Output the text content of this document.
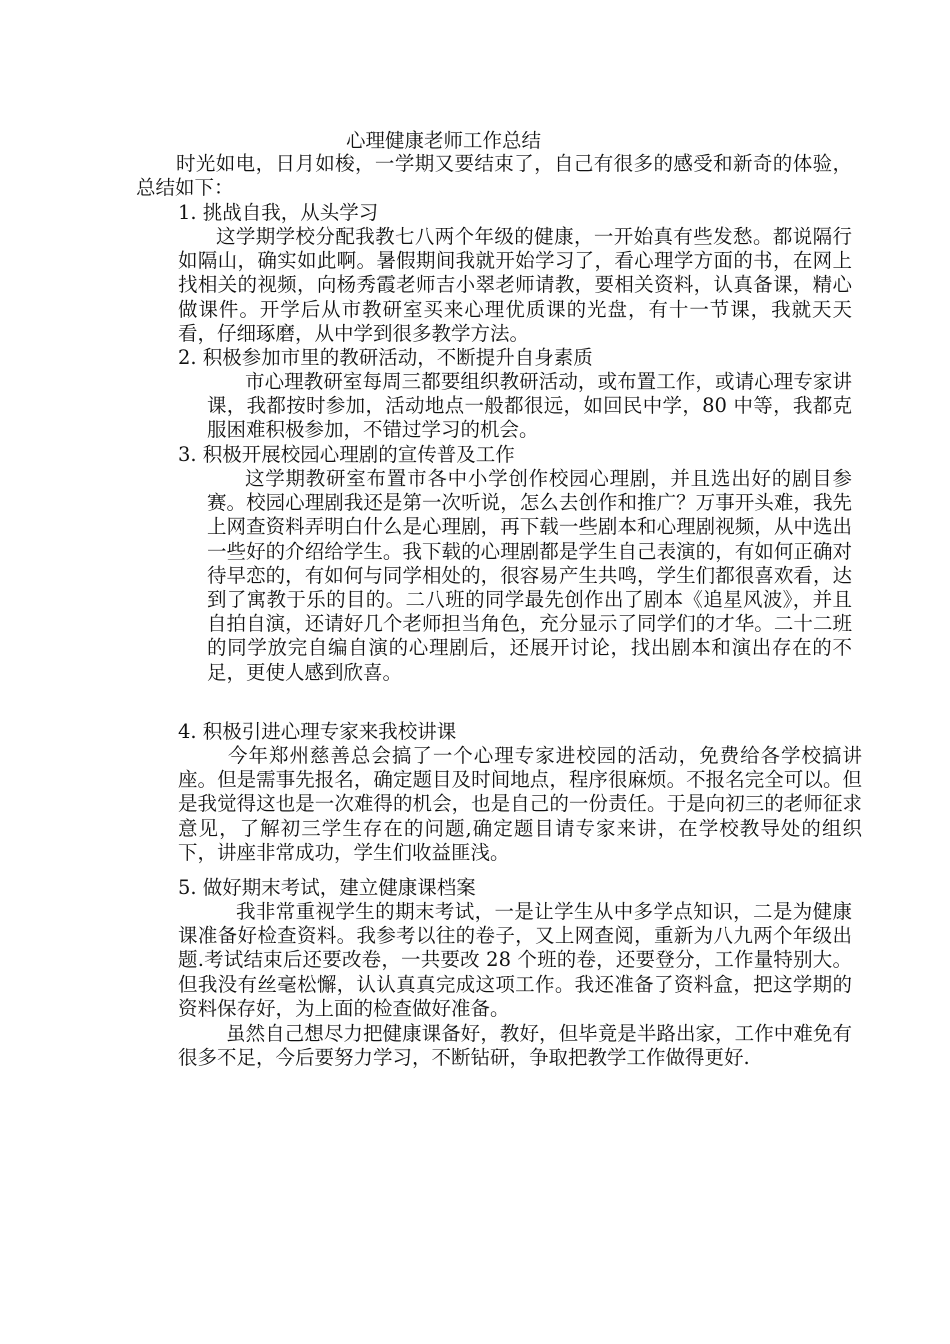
心理健康老师工作总结

时光如电，日月如梭，一学期又要结束了，自己有很多的感受和新奇的体验，总结如下：

1. 挑战自我，从头学习

这学期学校分配我教七八两个年级的健康，一开始真有些发愁。都说隔行如隔山，确实如此啊。暑假期间我就开始学习了，看心理学方面的书，在网上找相关的视频，向杨秀霞老师吉小翠老师请教，要相关资料，认真备课，精心做课件。开学后从市教研室买来心理优质课的光盘，有十一节课，我就天天看，仔细琢磨，从中学到很多教学方法。

2. 积极参加市里的教研活动，不断提升自身素质

市心理教研室每周三都要组织教研活动，或布置工作，或请心理专家讲课，我都按时参加，活动地点一般都很远，如回民中学，80 中等，我都克服困难积极参加，不错过学习的机会。

3. 积极开展校园心理剧的宣传普及工作

这学期教研室布置市各中小学创作校园心理剧，并且选出好的剧目参赛。校园心理剧我还是第一次听说，怎么去创作和推广？万事开头难，我先上网查资料弄明白什么是心理剧，再下载一些剧本和心理剧视频，从中选出一些好的介绍给学生。我下载的心理剧都是学生自己表演的，有如何正确对待早恋的，有如何与同学相处的，很容易产生共鸣，学生们都很喜欢看，达到了寓教于乐的目的。二八班的同学最先创作出了剧本《追星风波》，并且自拍自演，还请好几个老师担当角色，充分显示了同学们的才华。二十二班的同学放完自编自演的心理剧后，还展开讨论，找出剧本和演出存在的不足，更使人感到欣喜。

4. 积极引进心理专家来我校讲课

今年郑州慈善总会搞了一个心理专家进校园的活动，免费给各学校搞讲座。但是需事先报名，确定题目及时间地点，程序很麻烦。不报名完全可以。但是我觉得这也是一次难得的机会，也是自己的一份责任。于是向初三的老师征求意见，了解初三学生存在的问题,确定题目请专家来讲，在学校教导处的组织下，讲座非常成功，学生们收益匪浅。

5. 做好期末考试，建立健康课档案

我非常重视学生的期末考试，一是让学生从中多学点知识，二是为健康课准备好检查资料。我参考以往的卷子，又上网查阅，重新为八九两个年级出题.考试结束后还要改卷，一共要改 28 个班的卷，还要登分，工作量特别大。但我没有丝毫松懈，认认真真完成这项工作。我还准备了资料盒，把这学期的资料保存好，为上面的检查做好准备。

虽然自己想尽力把健康课备好，教好，但毕竟是半路出家，工作中难免有很多不足，今后要努力学习，不断钻研，争取把教学工作做得更好.
